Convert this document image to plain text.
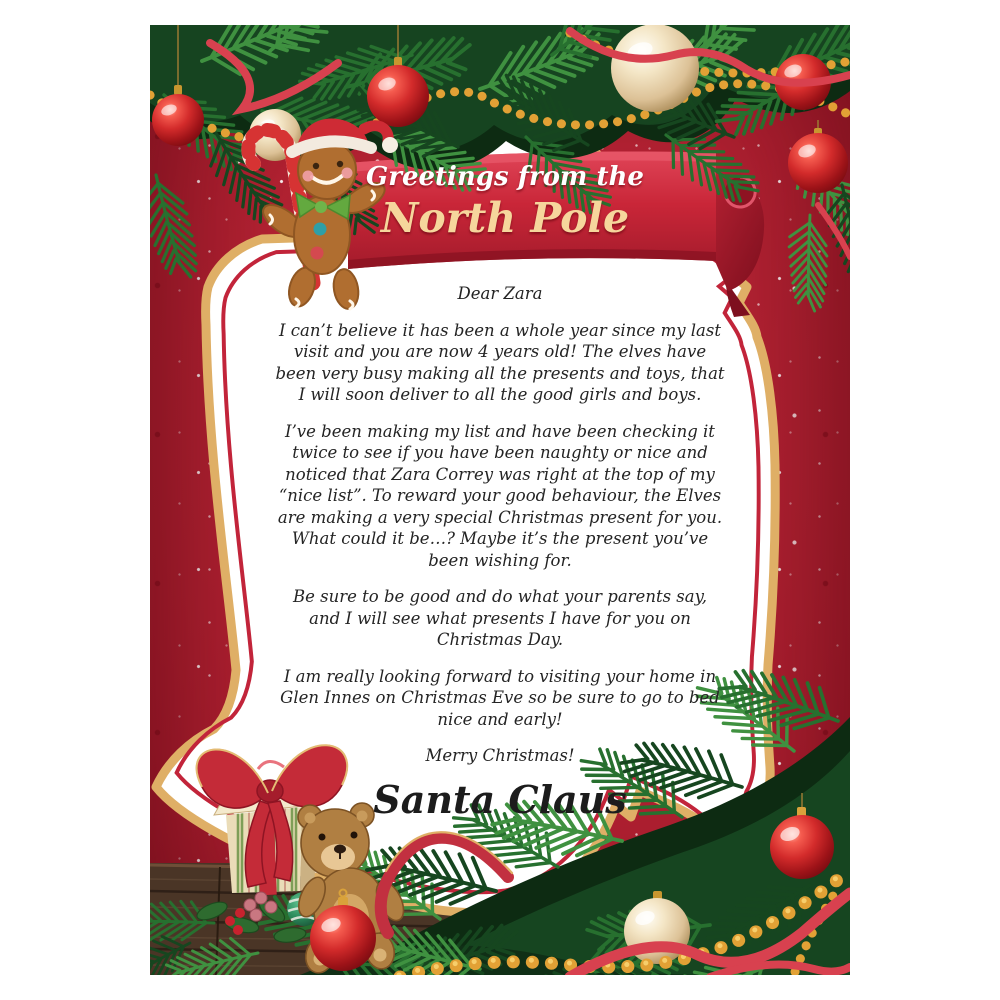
Greetings from the
North Pole

Dear Zara

I can’t believe it has been a whole year since my last visit and you are now 4 years old! The elves have been very busy making all the presents and toys, that I will soon deliver to all the good girls and boys.

I’ve been making my list and have been checking it twice to see if you have been naughty or nice and noticed that Zara Correy was right at the top of my “nice list”. To reward your good behaviour, the Elves are making a very special Christmas present for you. What could it be…? Maybe it’s the present you’ve been wishing for.

Be sure to be good and do what your parents say, and I will see what presents I have for you on Christmas Day.

I am really looking forward to visiting your home in Glen Innes on Christmas Eve so be sure to go to bed nice and early!

Merry Christmas!

Santa Claus
